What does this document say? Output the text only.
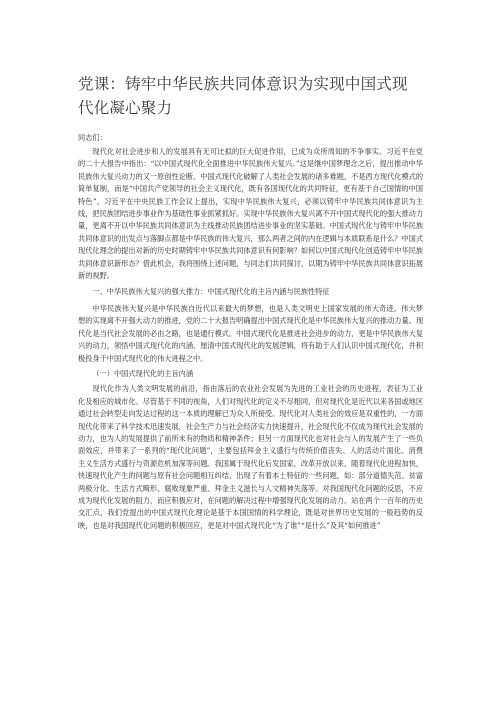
党课：铸牢中华民族共同体意识为实现中国式现代化凝心聚力

同志们：

现代化对社会进步和人的发展具有无可比拟的巨大促进作用，已成为众所周知的不争事实。习近平在党的二十大报告中指出：“以中国式现代化全面推进中华民族伟大复兴。”这是继中国梦理念之后，提出推动中华民族伟大复兴动力的又一原创性论断。中国式现代化破解了人类社会发展的诸多难题，不是西方现代化模式的简单复制，而是“中国共产党领导的社会主义现代化，既有各国现代化的共同特征，更有基于自己国情的中国特色”。习近平在中央民族工作会议上提出，实现中华民族伟大复兴，必须以铸牢中华民族共同体意识为主线，把民族团结进步事业作为基础性事业抓紧抓好。实现中华民族伟大复兴离不开中国式现代化的强大推动力量，更离不开以中华民族共同体意识为主线推动民族团结进步事业的坚实基础。中国式现代化与铸牢中华民族共同体意识的出发点与落脚点都是中华民族的伟大复兴，那么两者之间的内在逻辑与本质联系是什么？中国式现代化理念的提出对新的历史时期铸牢中华民族共同体意识有何影响？如何以中国式现代化创造铸牢中华民族共同体意识新形态？借此机会，我将围绕上述问题，与同志们共同探讨，以期为铸牢中华民族共同体意识拓展新的视野。

一、中华民族伟大复兴的强大推力：中国式现代化的主旨内涵与民族性特征

中华民族伟大复兴是中华民族自近代以来最大的梦想，也是人类文明史上国家发展的伟大奇迹。伟大梦想的实现离不开强大动力的推进，党的二十大报告明确提出中国式现代化是中华民族伟大复兴的推动力量。现代化是当代社会发展的必由之路，也是通行模式。中国式现代化是推进社会进步的动力，更是中华民族伟大复兴的动力，领悟中国式现代化的内涵、厘清中国式现代化的发展逻辑，将有助于人们认识中国式现代化，并积极投身于中国式现代化的伟大进程之中。

（一）中国式现代化的主旨内涵

现代化作为人类文明发展的前沿，指由落后的农业社会发展为先进的工业社会的历史进程，表征为工业化及相应的城市化。尽管基于不同的视角，人们对现代化的定义不尽相同，但对现代化是近代以来各国或地区通过社会转型走向发达过程的这一本质的理解已为众人所接受。现代化对人类社会的效应是双重性的，一方面现代化带来了科学技术迅速发展，社会生产力与社会经济实力快速提升，社会现代化不仅成为现代社会发展的动力，也为人的发展提供了前所未有的物质和精神条件；但另一方面现代化也对社会与人的发展产生了一些负面效应，并带来了一系列的“现代化问题”，主要包括拜金主义盛行与传统价值丧失、人的活动片面化、消费主义生活方式盛行与资源危机加深等问题。我国属于现代化后发国家，改革开放以来，随着现代化进程加快，快速现代化产生的问题与原有社会问题相互纠结，出现了有着本土特征的一些问题，如：部分道德失范、贫富两极分化、生活方式畸形、腐败现象严重、拜金主义滋长与人文精神失落等。对我国现代化问题的反思，不应成为现代化发展的阻力，而应积极应对，在问题的解决过程中增强现代化发展的动力。站在两个一百年的历史交汇点，我们党提出的中国式现代化理论是基于本国国情的科学理论，既是对世界历史发展的一般趋势的反映，也是对我国现代化问题的积极回应，更是对中国式现代化“为了谁”“是什么”及其“如何推进”
